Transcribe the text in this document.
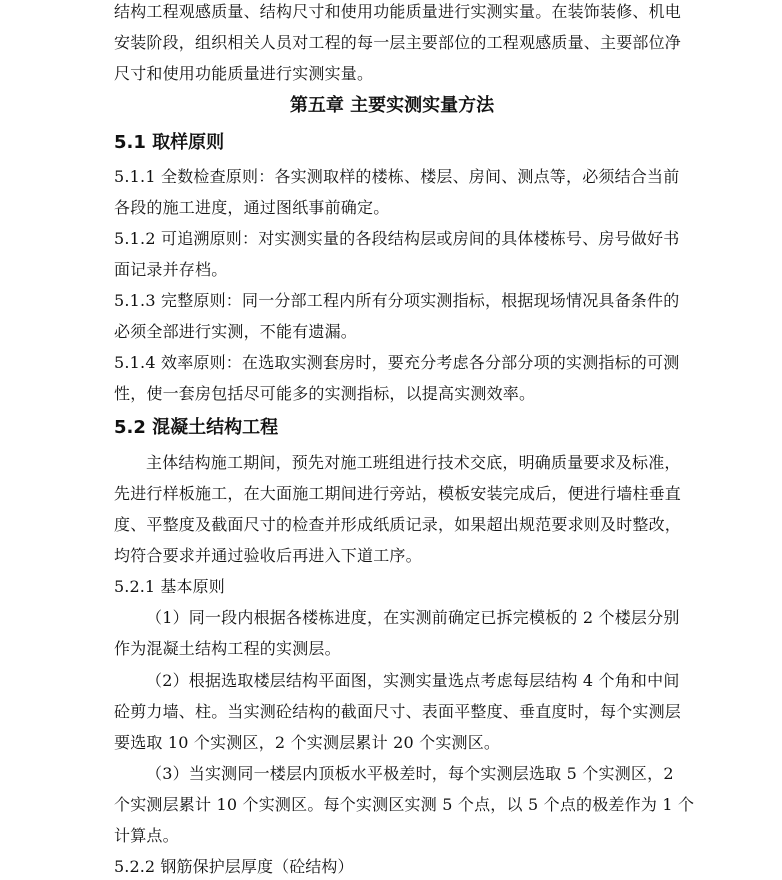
结构工程观感质量、结构尺寸和使用功能质量进行实测实量。在装饰装修、机电
安装阶段，组织相关人员对工程的每一层主要部位的工程观感质量、主要部位净
尺寸和使用功能质量进行实测实量。
第五章 主要实测实量方法
5.1 取样原则
5.1.1 全数检查原则：各实测取样的楼栋、楼层、房间、测点等，必须结合当前
各段的施工进度，通过图纸事前确定。
5.1.2 可追溯原则：对实测实量的各段结构层或房间的具体楼栋号、房号做好书
面记录并存档。
5.1.3 完整原则：同一分部工程内所有分项实测指标，根据现场情况具备条件的
必须全部进行实测，不能有遗漏。
5.1.4 效率原则：在选取实测套房时，要充分考虑各分部分项的实测指标的可测
性，使一套房包括尽可能多的实测指标，以提高实测效率。
5.2 混凝土结构工程
主体结构施工期间，预先对施工班组进行技术交底，明确质量要求及标准，
先进行样板施工，在大面施工期间进行旁站，模板安装完成后，便进行墙柱垂直
度、平整度及截面尺寸的检查并形成纸质记录，如果超出规范要求则及时整改，
均符合要求并通过验收后再进入下道工序。
5.2.1 基本原则
（1）同一段内根据各楼栋进度，在实测前确定已拆完模板的 2 个楼层分别
作为混凝土结构工程的实测层。
（2）根据选取楼层结构平面图，实测实量选点考虑每层结构 4 个角和中间
砼剪力墙、柱。当实测砼结构的截面尺寸、表面平整度、垂直度时，每个实测层
要选取 10 个实测区，2 个实测层累计 20 个实测区。
（3）当实测同一楼层内顶板水平极差时，每个实测层选取 5 个实测区，2
个实测层累计 10 个实测区。每个实测区实测 5 个点，以 5 个点的极差作为 1 个
计算点。
5.2.2 钢筋保护层厚度（砼结构）
